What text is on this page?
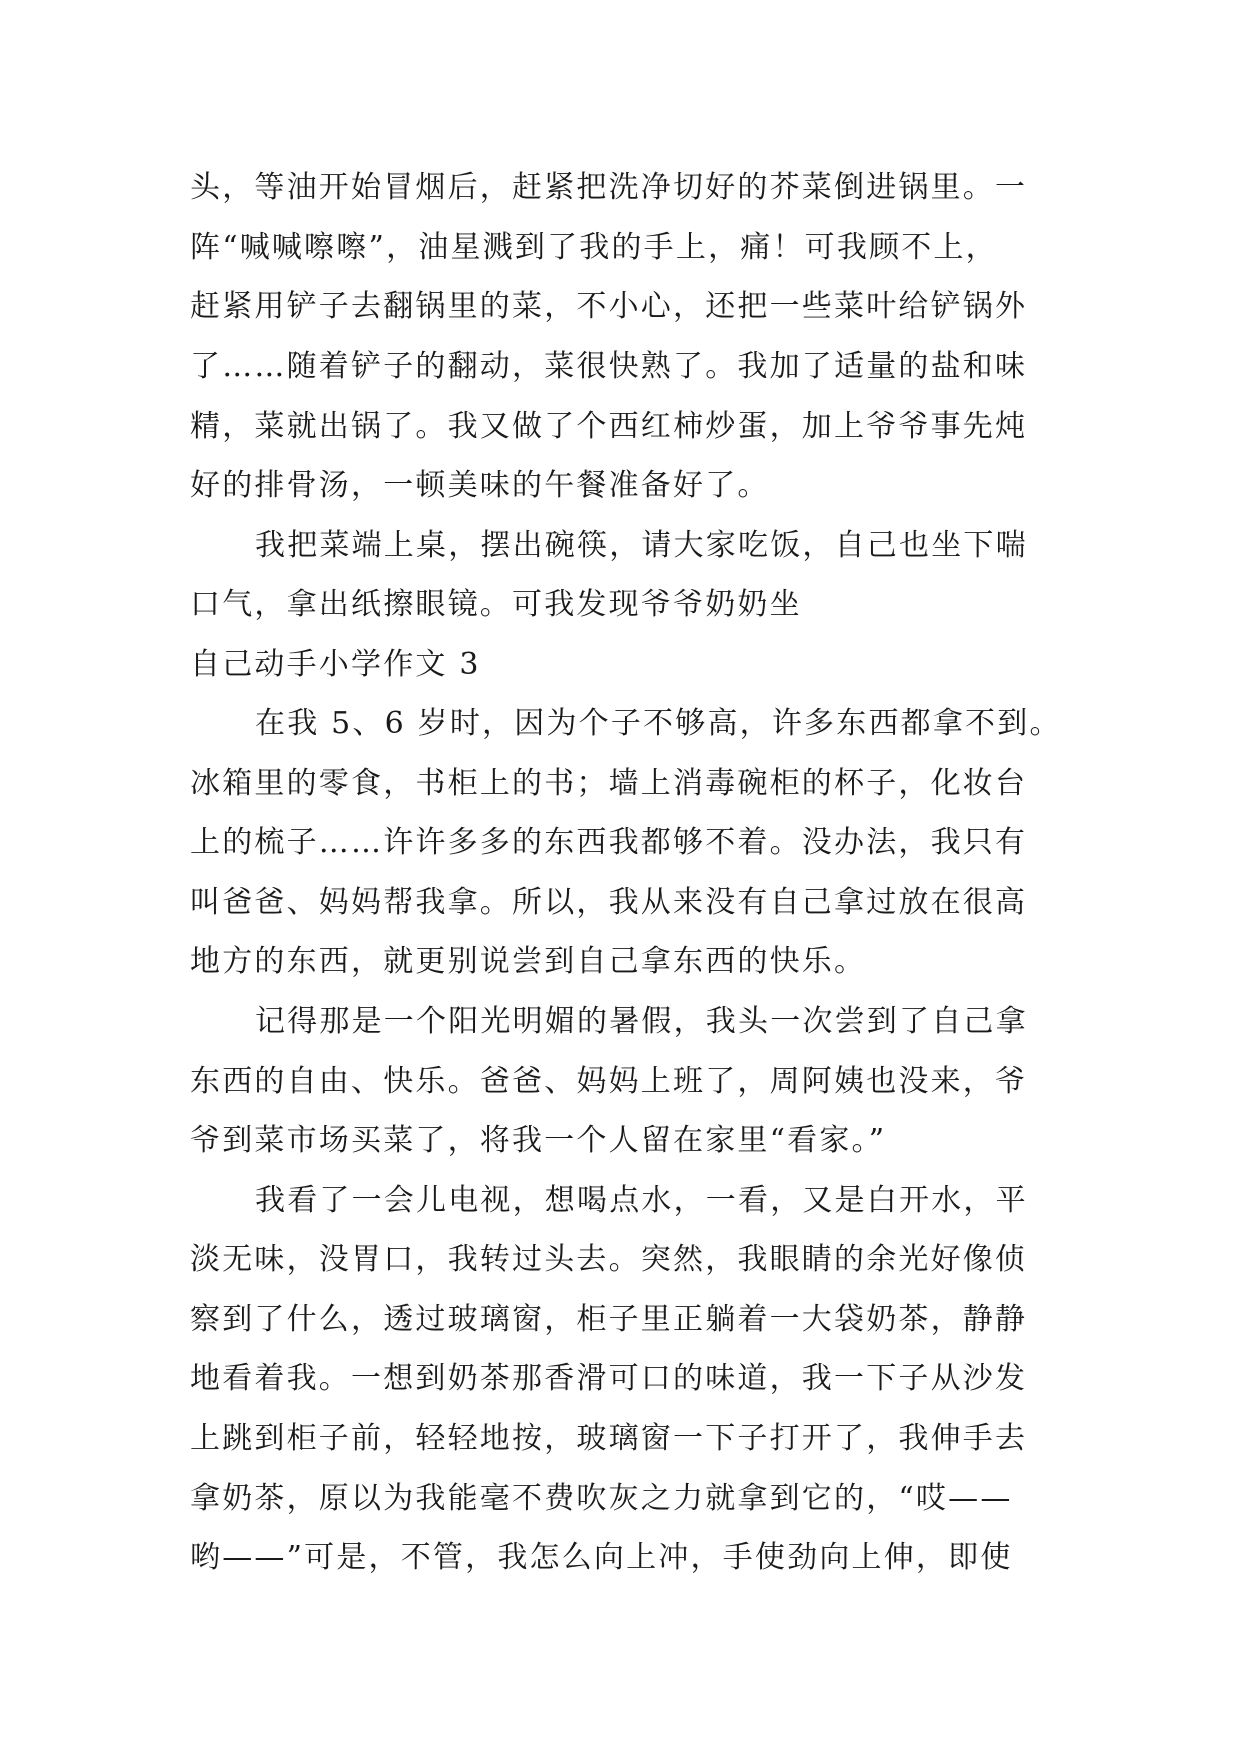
头，等油开始冒烟后，赶紧把洗净切好的芥菜倒进锅里。一
阵“喊喊嚓嚓”，油星溅到了我的手上，痛！可我顾不上，
赶紧用铲子去翻锅里的菜，不小心，还把一些菜叶给铲锅外
了……随着铲子的翻动，菜很快熟了。我加了适量的盐和味
精，菜就出锅了。我又做了个西红柿炒蛋，加上爷爷事先炖
好的排骨汤，一顿美味的午餐准备好了。
我把菜端上桌，摆出碗筷，请大家吃饭，自己也坐下喘
口气，拿出纸擦眼镜。可我发现爷爷奶奶坐
自己动手小学作文 3
在我 5、6 岁时，因为个子不够高，许多东西都拿不到。
冰箱里的零食，书柜上的书；墙上消毒碗柜的杯子，化妆台
上的梳子……许许多多的东西我都够不着。没办法，我只有
叫爸爸、妈妈帮我拿。所以，我从来没有自己拿过放在很高
地方的东西，就更别说尝到自己拿东西的快乐。
记得那是一个阳光明媚的暑假，我头一次尝到了自己拿
东西的自由、快乐。爸爸、妈妈上班了，周阿姨也没来，爷
爷到菜市场买菜了，将我一个人留在家里“看家。”
我看了一会儿电视，想喝点水，一看，又是白开水，平
淡无味，没胃口，我转过头去。突然，我眼睛的余光好像侦
察到了什么，透过玻璃窗，柜子里正躺着一大袋奶茶，静静
地看着我。一想到奶茶那香滑可口的味道，我一下子从沙发
上跳到柜子前，轻轻地按，玻璃窗一下子打开了，我伸手去
拿奶茶，原以为我能毫不费吹灰之力就拿到它的，“哎——
哟——”可是，不管，我怎么向上冲，手使劲向上伸，即使
